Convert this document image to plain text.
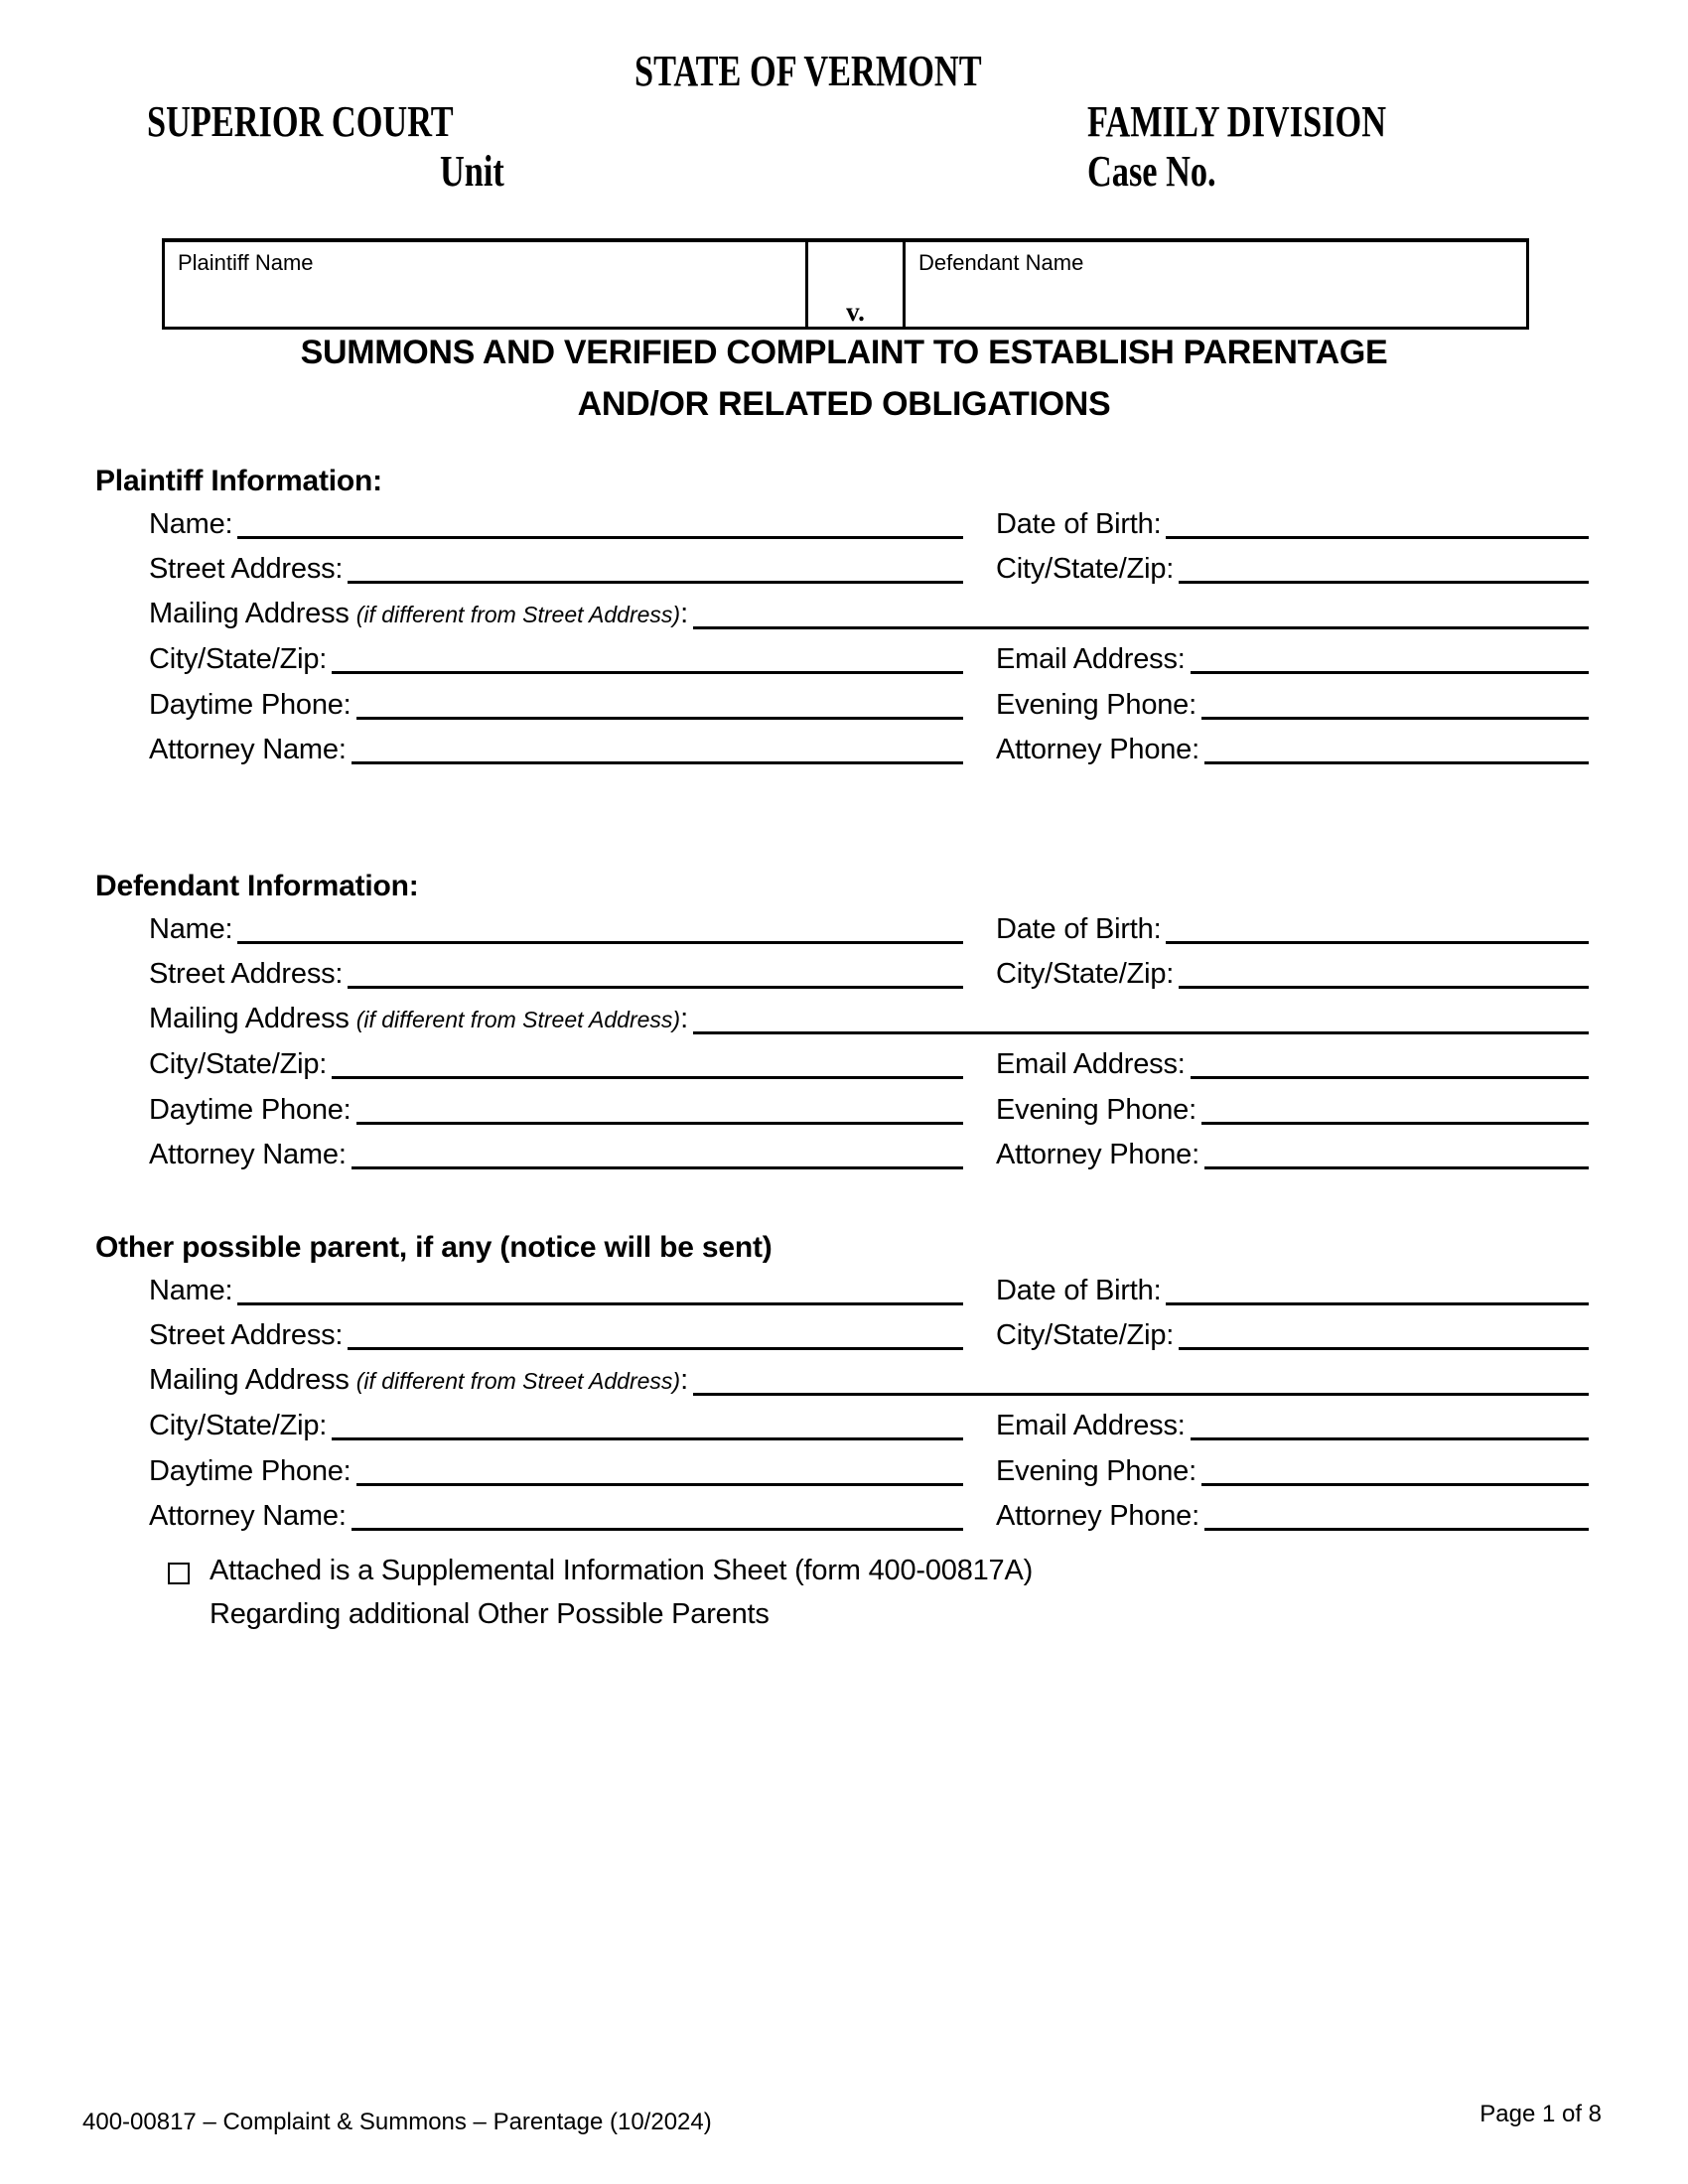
STATE OF VERMONT
SUPERIOR COURT	FAMILY DIVISION
Unit	Case No.
Plaintiff Name
v.
Defendant Name
SUMMONS AND VERIFIED COMPLAINT TO ESTABLISH PARENTAGE
AND/OR RELATED OBLIGATIONS
Plaintiff Information:
Name:	Date of Birth:
Street Address:	City/State/Zip:
Mailing Address (if different from Street Address):
City/State/Zip:	Email Address:
Daytime Phone:	Evening Phone:
Attorney Name:	Attorney Phone:
Defendant Information:
Name:	Date of Birth:
Street Address:	City/State/Zip:
Mailing Address (if different from Street Address):
City/State/Zip:	Email Address:
Daytime Phone:	Evening Phone:
Attorney Name:	Attorney Phone:
Other possible parent, if any (notice will be sent)
Name:	Date of Birth:
Street Address:	City/State/Zip:
Mailing Address (if different from Street Address):
City/State/Zip:	Email Address:
Daytime Phone:	Evening Phone:
Attorney Name:	Attorney Phone:
Attached is a Supplemental Information Sheet (form 400-00817A)
Regarding additional Other Possible Parents
400-00817 – Complaint & Summons – Parentage (10/2024)	Page 1 of 8
